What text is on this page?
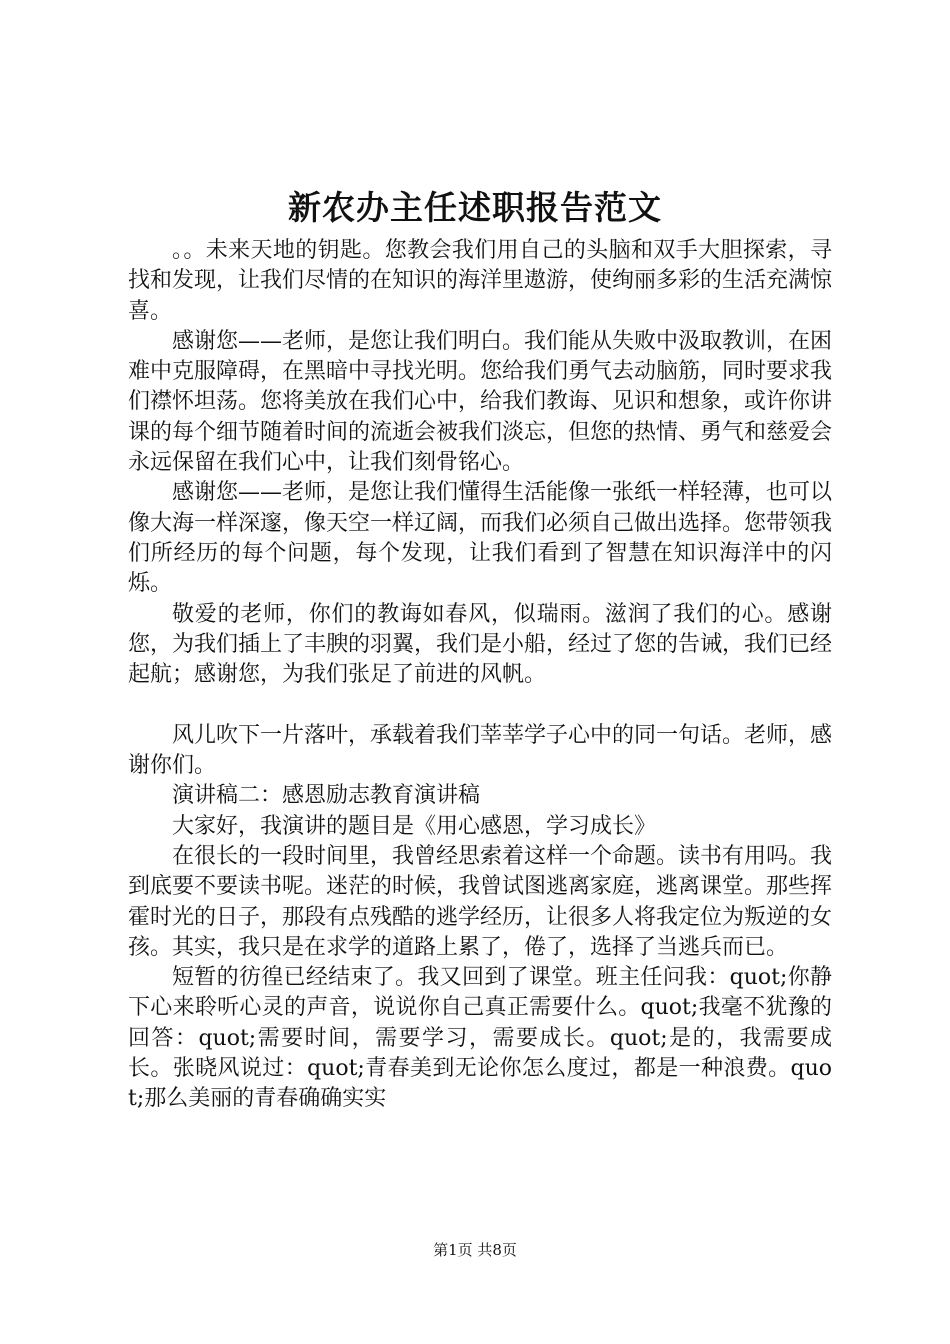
新农办主任述职报告范文

。。未来天地的钥匙。您教会我们用自己的头脑和双手大胆探索，寻找和发现，让我们尽情的在知识的海洋里遨游，使绚丽多彩的生活充满惊喜。

感谢您——老师，是您让我们明白。我们能从失败中汲取教训，在困难中克服障碍，在黑暗中寻找光明。您给我们勇气去动脑筋，同时要求我们襟怀坦荡。您将美放在我们心中，给我们教诲、见识和想象，或许你讲课的每个细节随着时间的流逝会被我们淡忘，但您的热情、勇气和慈爱会永远保留在我们心中，让我们刻骨铭心。

感谢您——老师，是您让我们懂得生活能像一张纸一样轻薄，也可以像大海一样深邃，像天空一样辽阔，而我们必须自己做出选择。您带领我们所经历的每个问题，每个发现，让我们看到了智慧在知识海洋中的闪烁。

敬爱的老师，你们的教诲如春风，似瑞雨。滋润了我们的心。感谢您，为我们插上了丰腴的羽翼，我们是小船，经过了您的告诫，我们已经起航；感谢您，为我们张足了前进的风帆。

风儿吹下一片落叶，承载着我们莘莘学子心中的同一句话。老师，感谢你们。

演讲稿二：感恩励志教育演讲稿

大家好，我演讲的题目是《用心感恩，学习成长》

在很长的一段时间里，我曾经思索着这样一个命题。读书有用吗。我到底要不要读书呢。迷茫的时候，我曾试图逃离家庭，逃离课堂。那些挥霍时光的日子，那段有点残酷的逃学经历，让很多人将我定位为叛逆的女孩。其实，我只是在求学的道路上累了，倦了，选择了当逃兵而已。

短暂的彷徨已经结束了。我又回到了课堂。班主任问我：quot;你静下心来聆听心灵的声音，说说你自己真正需要什么。quot;我毫不犹豫的回答：quot;需要时间，需要学习，需要成长。quot;是的，我需要成长。张晓风说过：quot;青春美到无论你怎么度过，都是一种浪费。quot;那么美丽的青春确确实实

第1页 共8页
